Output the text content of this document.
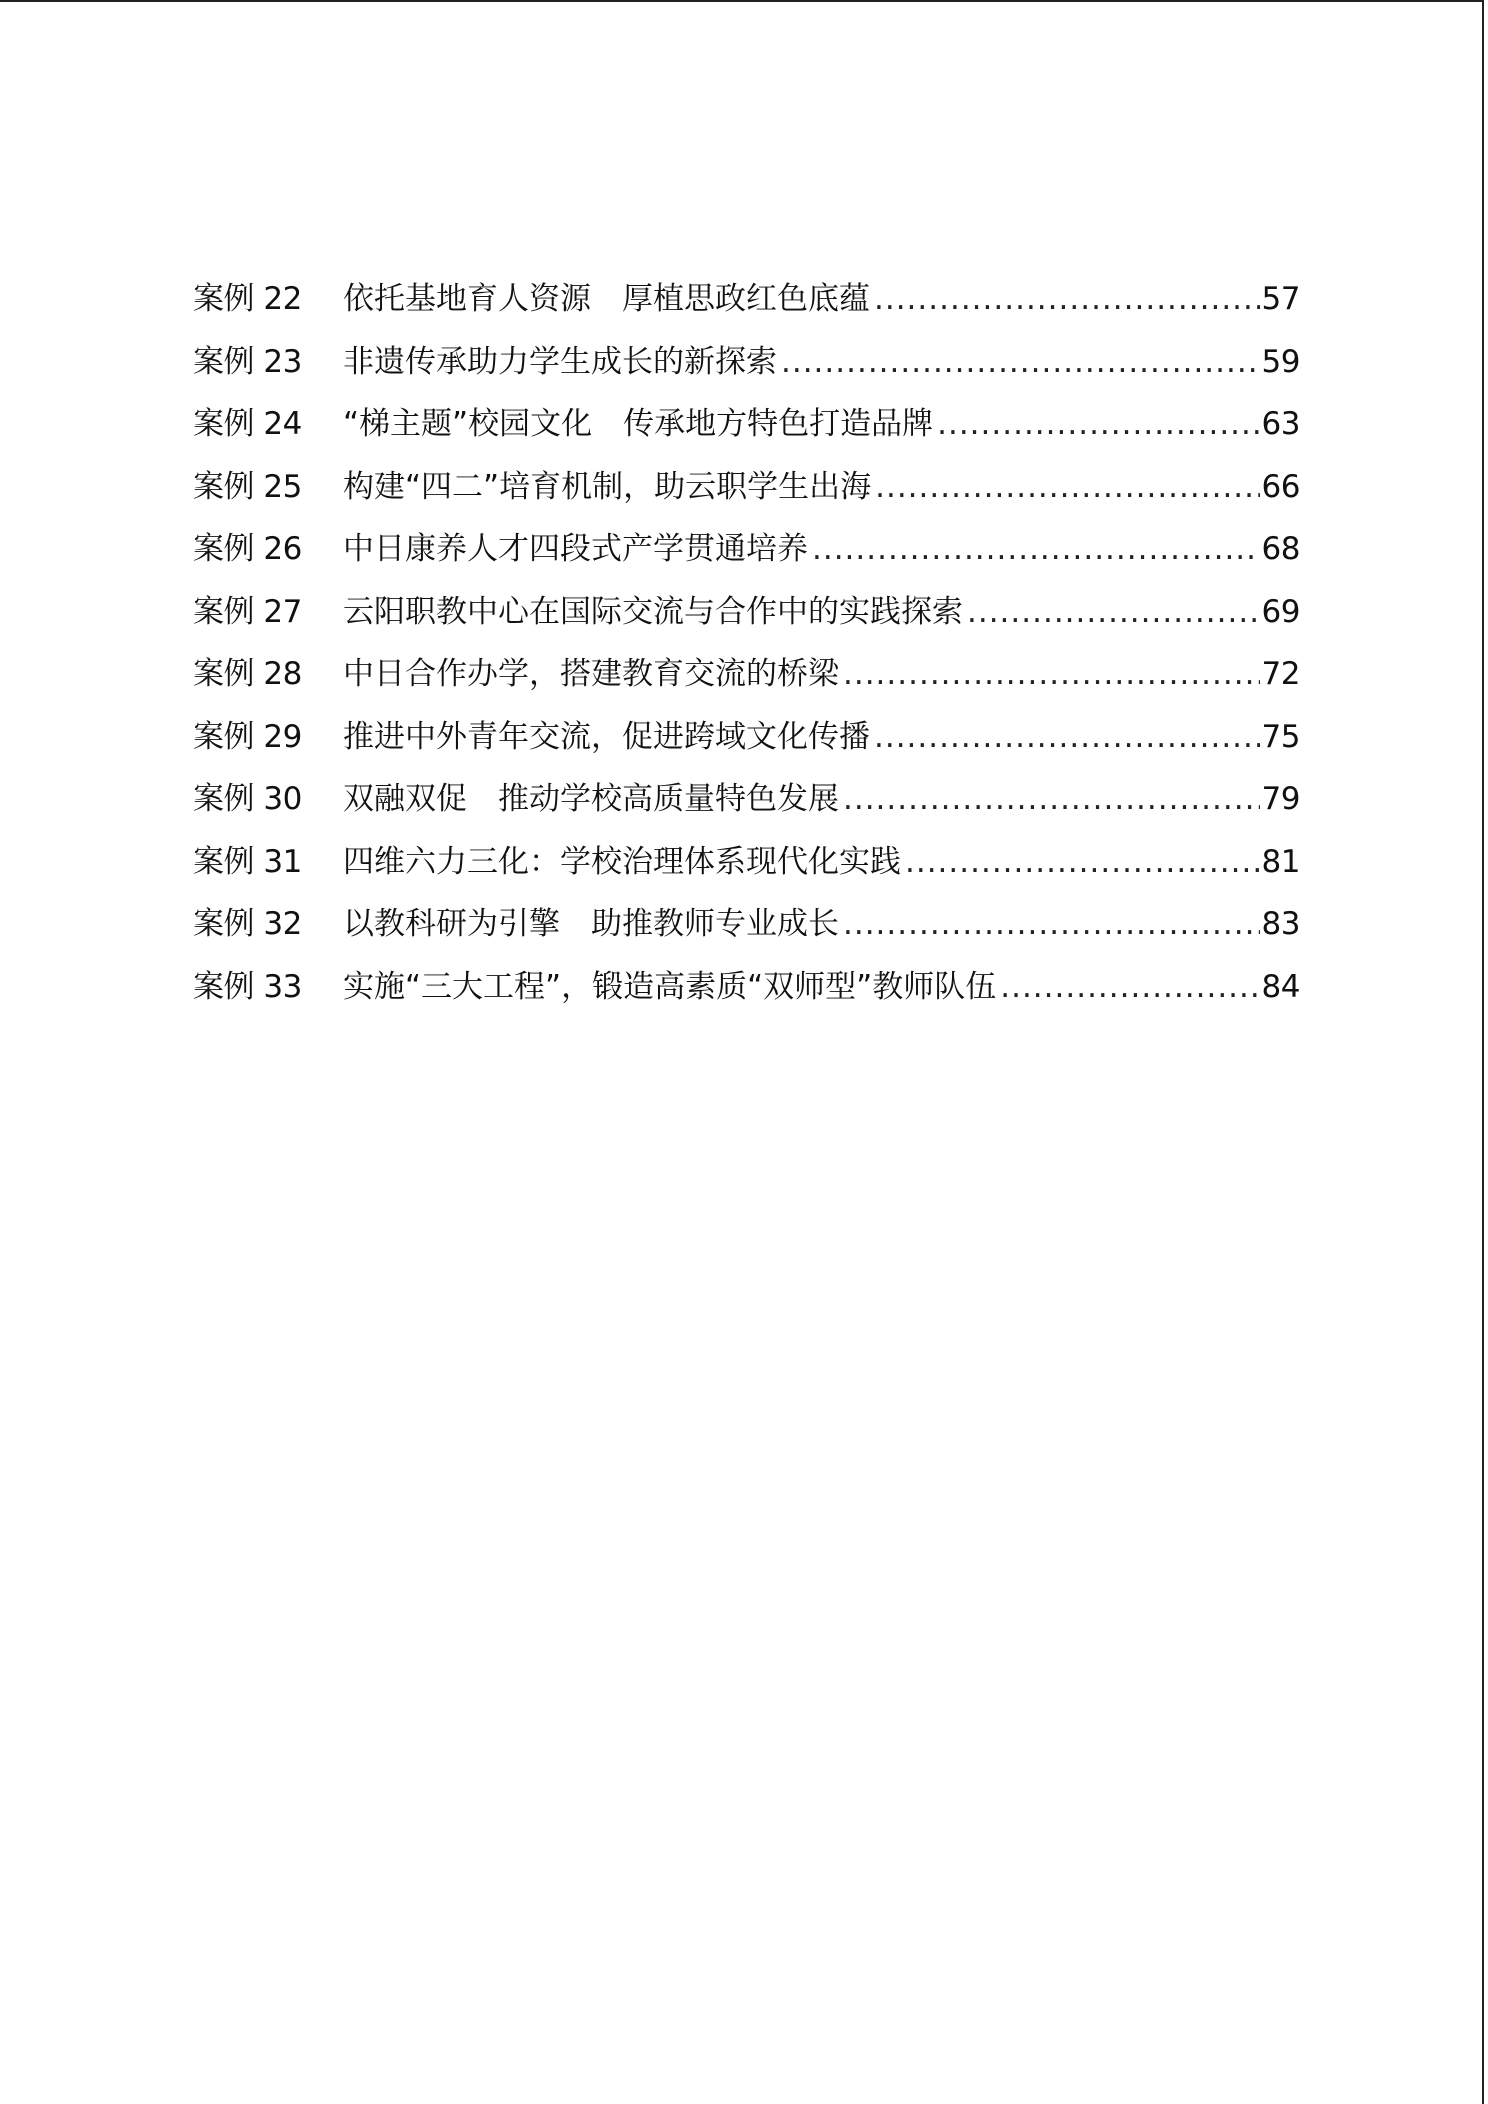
案例 22	依托基地育人资源　厚植思政红色底蕴 .....	57
案例 23	非遗传承助力学生成长的新探索 .....	59
案例 24	“梯主题”校园文化　传承地方特色打造品牌 .....	63
案例 25	构建“四二”培育机制，助云职学生出海 .....	66
案例 26	中日康养人才四段式产学贯通培养 .....	68
案例 27	云阳职教中心在国际交流与合作中的实践探索 .....	69
案例 28	中日合作办学，搭建教育交流的桥梁 .....	72
案例 29	推进中外青年交流，促进跨域文化传播 .....	75
案例 30	双融双促　推动学校高质量特色发展 .....	79
案例 31	四维六力三化：学校治理体系现代化实践 .....	81
案例 32	以教科研为引擎　助推教师专业成长 .....	83
案例 33	实施“三大工程”，锻造高素质“双师型”教师队伍 .....	84
